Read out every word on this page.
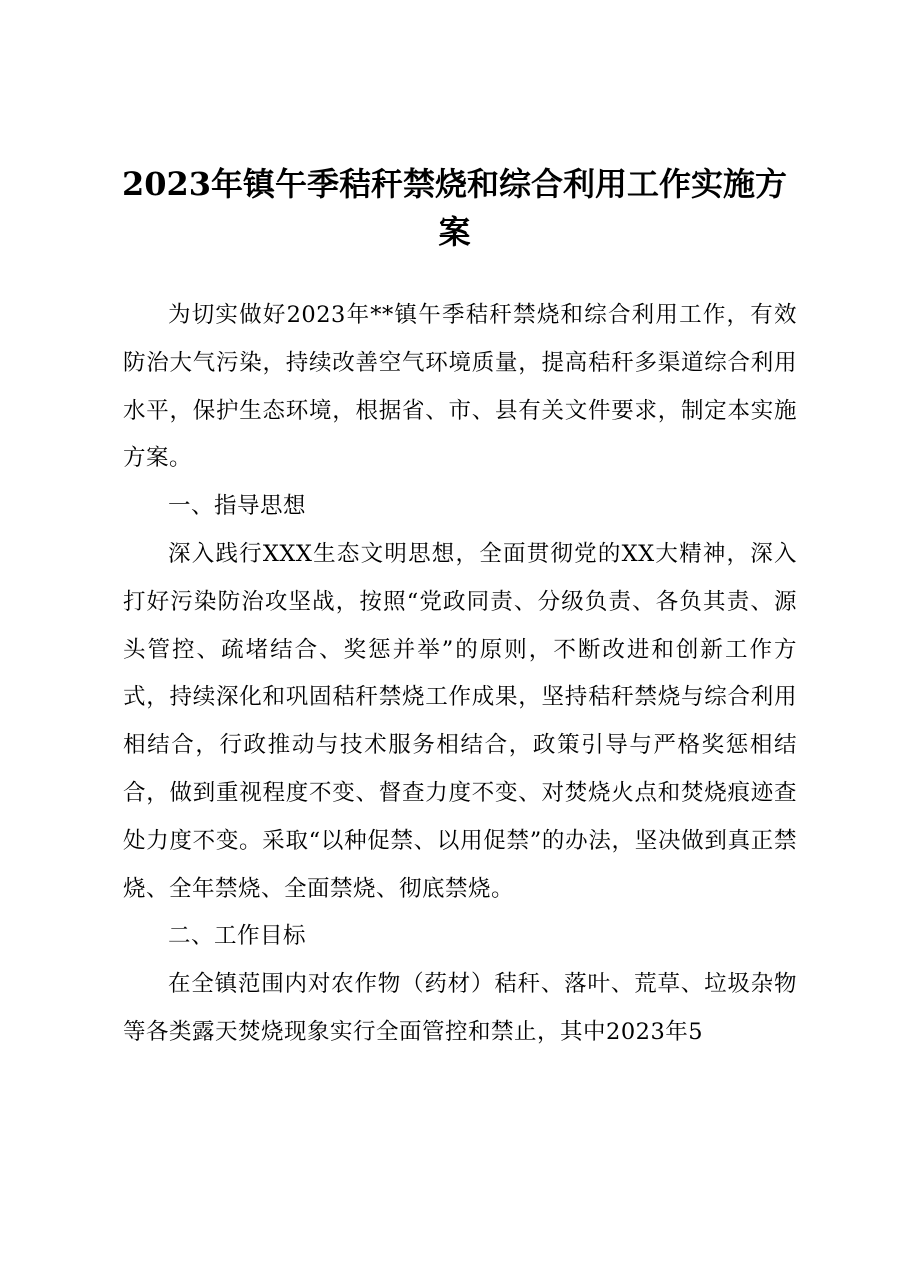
2023年镇午季秸秆禁烧和综合利用工作实施方案

为切实做好2023年**镇午季秸秆禁烧和综合利用工作，有效防治大气污染，持续改善空气环境质量，提高秸秆多渠道综合利用水平，保护生态环境，根据省、市、县有关文件要求，制定本实施方案。

一、指导思想

深入践行XXX生态文明思想，全面贯彻党的XX大精神，深入打好污染防治攻坚战，按照“党政同责、分级负责、各负其责、源头管控、疏堵结合、奖惩并举”的原则，不断改进和创新工作方式，持续深化和巩固秸秆禁烧工作成果，坚持秸秆禁烧与综合利用相结合，行政推动与技术服务相结合，政策引导与严格奖惩相结合，做到重视程度不变、督查力度不变、对焚烧火点和焚烧痕迹查处力度不变。采取“以种促禁、以用促禁”的办法，坚决做到真正禁烧、全年禁烧、全面禁烧、彻底禁烧。

二、工作目标

在全镇范围内对农作物（药材）秸秆、落叶、荒草、垃圾杂物等各类露天焚烧现象实行全面管控和禁止，其中2023年5
